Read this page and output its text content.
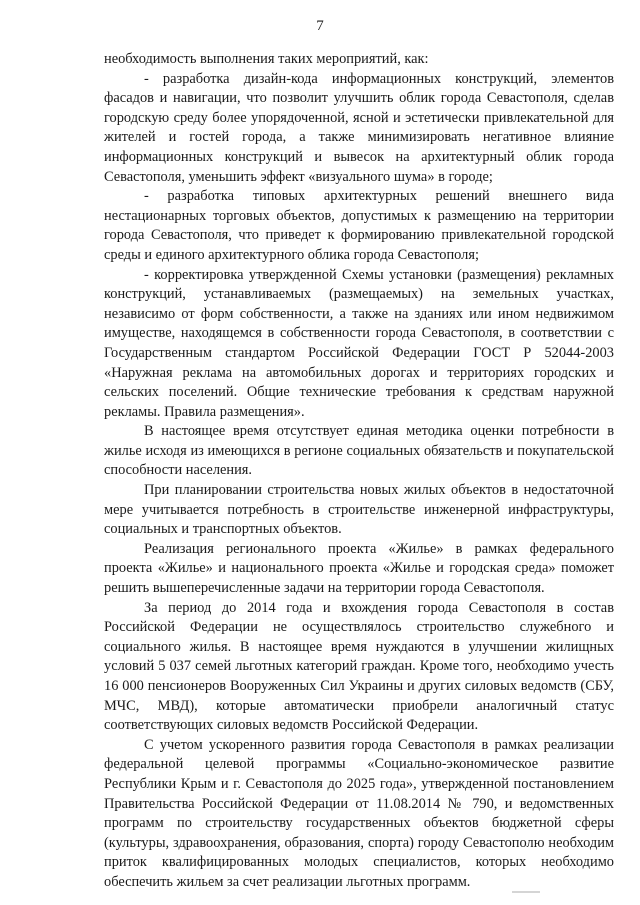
7

необходимость выполнения таких мероприятий, как:

- разработка дизайн-кода информационных конструкций, элементов фасадов и навигации, что позволит улучшить облик города Севастополя, сделав городскую среду более упорядоченной, ясной и эстетически привлекательной для жителей и гостей города, а также минимизировать негативное влияние информационных конструкций и вывесок на архитектурный облик города Севастополя, уменьшить эффект «визуального шума» в городе;

- разработка типовых архитектурных решений внешнего вида нестационарных торговых объектов, допустимых к размещению на территории города Севастополя, что приведет к формированию привлекательной городской среды и единого архитектурного облика города Севастополя;

- корректировка утвержденной Схемы установки (размещения) рекламных конструкций, устанавливаемых (размещаемых) на земельных участках, независимо от форм собственности, а также на зданиях или ином недвижимом имуществе, находящемся в собственности города Севастополя, в соответствии с Государственным стандартом Российской Федерации ГОСТ Р 52044-2003 «Наружная реклама на автомобильных дорогах и территориях городских и сельских поселений. Общие технические требования к средствам наружной рекламы. Правила размещения».

В настоящее время отсутствует единая методика оценки потребности в жилье исходя из имеющихся в регионе социальных обязательств и покупательской способности населения.

При планировании строительства новых жилых объектов в недостаточной мере учитывается потребность в строительстве инженерной инфраструктуры, социальных и транспортных объектов.

Реализация регионального проекта «Жилье» в рамках федерального проекта «Жилье» и национального проекта «Жилье и городская среда» поможет решить вышеперечисленные задачи на территории города Севастополя.

За период до 2014 года и вхождения города Севастополя в состав Российской Федерации не осуществлялось строительство служебного и социального жилья. В настоящее время нуждаются в улучшении жилищных условий 5 037 семей льготных категорий граждан. Кроме того, необходимо учесть 16 000 пенсионеров Вооруженных Сил Украины и других силовых ведомств (СБУ, МЧС, МВД), которые автоматически приобрели аналогичный статус соответствующих силовых ведомств Российской Федерации.

С учетом ускоренного развития города Севастополя в рамках реализации федеральной целевой программы «Социально-экономическое развитие Республики Крым и г. Севастополя до 2025 года», утвержденной постановлением Правительства Российской Федерации от 11.08.2014 № 790, и ведомственных программ по строительству государственных объектов бюджетной сферы (культуры, здравоохранения, образования, спорта) городу Севастополю необходим приток квалифицированных молодых специалистов, которых необходимо обеспечить жильем за счет реализации льготных программ.
